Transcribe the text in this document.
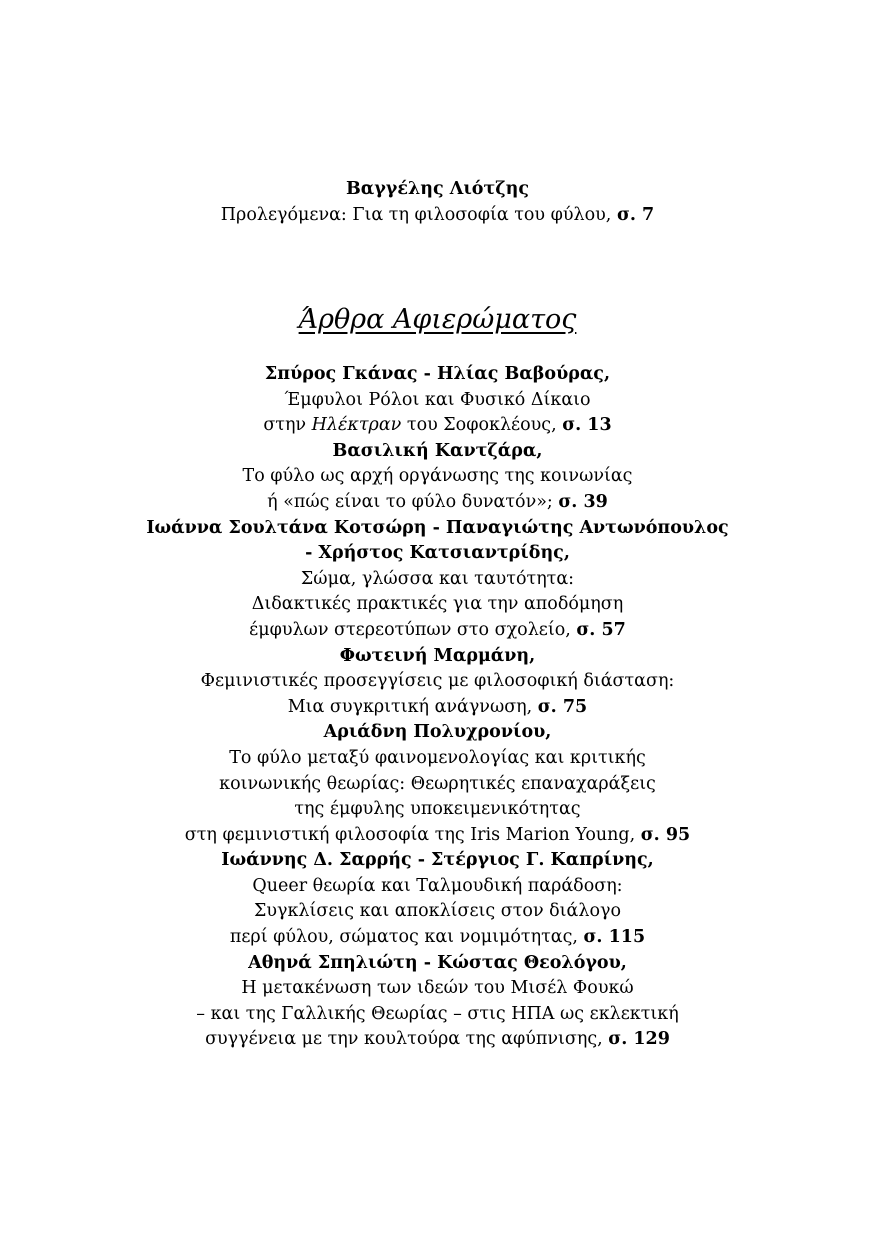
Βαγγέλης Λιότζης
Προλεγόμενα: Για τη φιλοσοφία του φύλου, σ. 7
Άρθρα Αφιερώματος
Σπύρος Γκάνας - Ηλίας Βαβούρας,
Έμφυλοι Ρόλοι και Φυσικό Δίκαιο
στην Ηλέκτραν του Σοφοκλέους, σ. 13
Βασιλική Καντζάρα,
Το φύλο ως αρχή οργάνωσης της κοινωνίας
ή «πώς είναι το φύλο δυνατόν»; σ. 39
Ιωάννα Σουλτάνα Κοτσώρη - Παναγιώτης Αντωνόπουλος
- Χρήστος Κατσιαντρίδης,
Σώμα, γλώσσα και ταυτότητα:
Διδακτικές πρακτικές για την αποδόμηση
έμφυλων στερεοτύπων στο σχολείο, σ. 57
Φωτεινή Μαρμάνη,
Φεμινιστικές προσεγγίσεις με φιλοσοφική διάσταση:
Μια συγκριτική ανάγνωση, σ. 75
Αριάδνη Πολυχρονίου,
Το φύλο μεταξύ φαινομενολογίας και κριτικής
κοινωνικής θεωρίας: Θεωρητικές επαναχαράξεις
της έμφυλης υποκειμενικότητας
στη φεμινιστική φιλοσοφία της Iris Marion Young, σ. 95
Ιωάννης Δ. Σαρρής - Στέργιος Γ. Καπρίνης,
Queer θεωρία και Ταλμουδική παράδοση:
Συγκλίσεις και αποκλίσεις στον διάλογο
περί φύλου, σώματος και νομιμότητας, σ. 115
Αθηνά Σπηλιώτη - Κώστας Θεολόγου,
Η μετακένωση των ιδεών του Μισέλ Φουκώ
– και της Γαλλικής Θεωρίας – στις ΗΠΑ ως εκλεκτική
συγγένεια με την κουλτούρα της αφύπνισης, σ. 129
